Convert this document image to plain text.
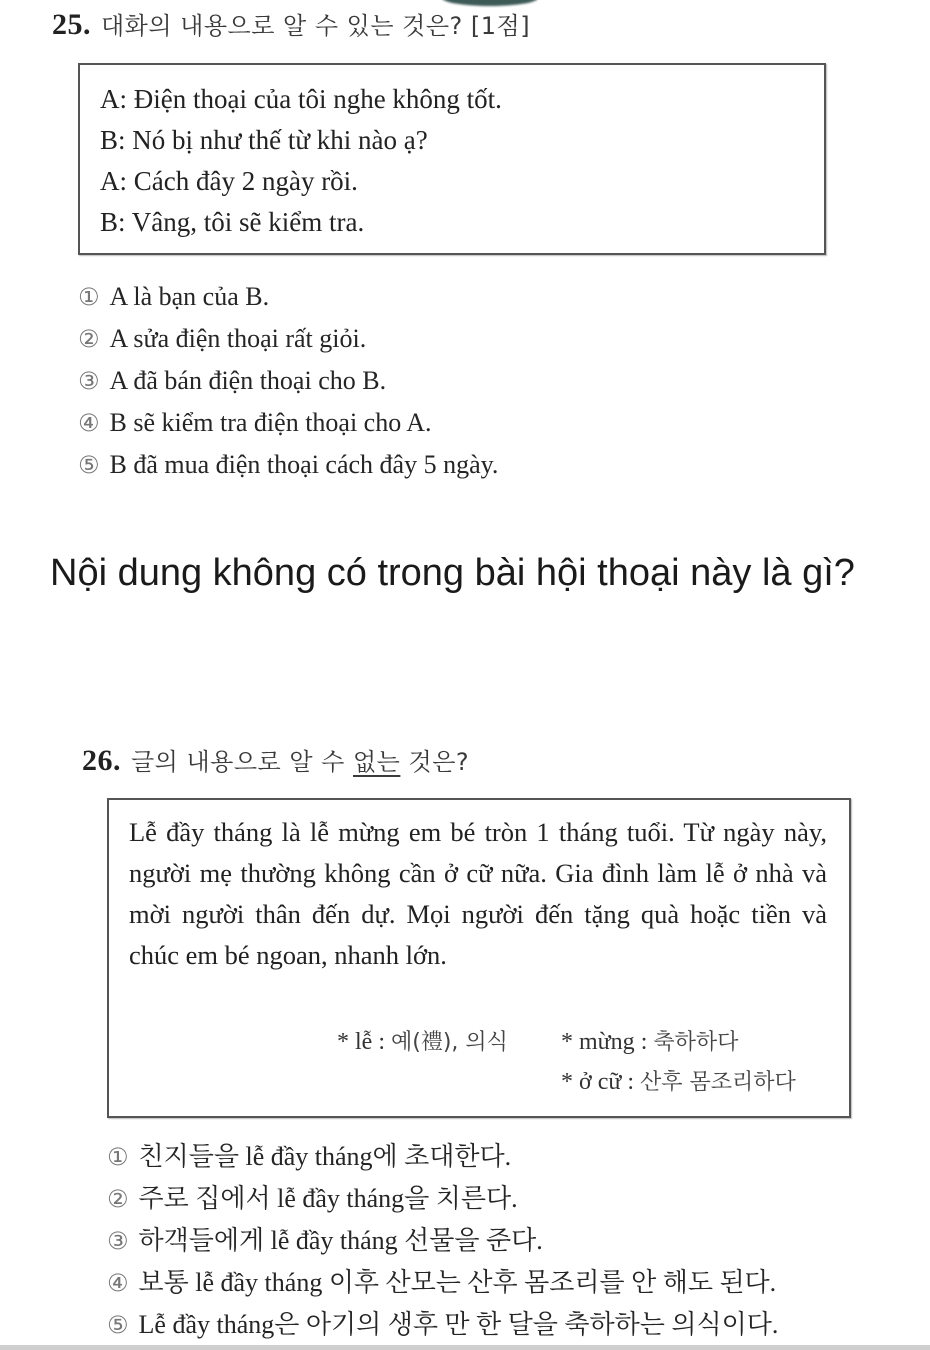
25. 대화의 내용으로 알 수 있는 것은? [1점]
A: Điện thoại của tôi nghe không tốt.
B: Nó bị như thế từ khi nào ạ?
A: Cách đây 2 ngày rồi.
B: Vâng, tôi sẽ kiểm tra.
① A là bạn của B.
② A sửa điện thoại rất giỏi.
③ A đã bán điện thoại cho B.
④ B sẽ kiểm tra điện thoại cho A.
⑤ B đã mua điện thoại cách đây 5 ngày.
Nội dung không có trong bài hội thoại này là gì?
26. 글의 내용으로 알 수 없는 것은?
Lễ đầy tháng là lễ mừng em bé tròn 1 tháng tuổi. Từ ngày này, người mẹ thường không cần ở cữ nữa. Gia đình làm lễ ở nhà và mời người thân đến dự. Mọi người đến tặng quà hoặc tiền và chúc em bé ngoan, nhanh lớn.
* lễ : 예(禮), 의식 * mừng : 축하하다
* ở cữ : 산후 몸조리하다
① 친지들을 lễ đầy tháng에 초대한다.
② 주로 집에서 lễ đầy tháng을 치른다.
③ 하객들에게 lễ đầy tháng 선물을 준다.
④ 보통 lễ đầy tháng 이후 산모는 산후 몸조리를 안 해도 된다.
⑤ Lễ đầy tháng은 아기의 생후 만 한 달을 축하하는 의식이다.
